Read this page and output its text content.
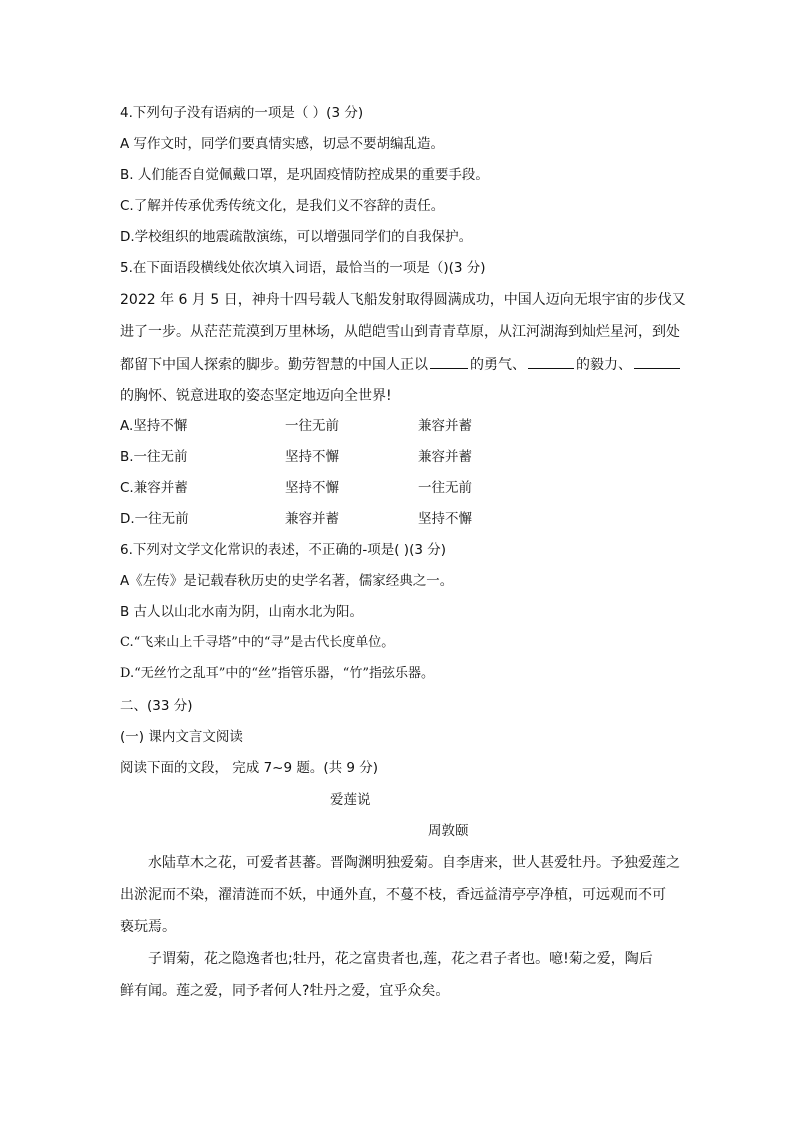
4.下列句子没有语病的一项是（ ）(3 分)
A 写作文时，同学们要真情实感，切忌不要胡编乱造。
B. 人们能否自觉佩戴口罩，是巩固疫情防控成果的重要手段。
C.了解并传承优秀传统文化，是我们义不容辞的责任。
D.学校组织的地震疏散演练，可以增强同学们的自我保护。
5.在下面语段横线处依次填入词语，最恰当的一项是（)(3 分)
2022 年 6 月 5 日，神舟十四号载人飞船发射取得圆满成功，中国人迈向无垠宇宙的步伐又
进了一步。从茫茫荒漠到万里林场，从皑皑雪山到青青草原，从江河湖海到灿烂星河，到处
都留下中国人探索的脚步。勤劳智慧的中国人正以	的勇气、	的毅力、
的胸怀、锐意进取的姿态坚定地迈向全世界!
A.坚持不懈	一往无前	兼容并蓄
B.一往无前	坚持不懈	兼容并蓄
C.兼容并蓄	坚持不懈	一往无前
D.一往无前	兼容并蓄	坚持不懈
6.下列对文学文化常识的表述，不正确的-项是( )(3 分)
A《左传》是记载春秋历史的史学名著，儒家经典之一。
B 古人以山北水南为阴，山南水北为阳。
C.“飞来山上千寻塔”中的“寻”是古代长度单位。
D.“无丝竹之乱耳”中的“丝”指管乐器，“竹”指弦乐器。
二、(33 分)
(一) 课内文言文阅读
阅读下面的文段， 完成 7~9 题。(共 9 分)
爱莲说
周敦颐
水陆草木之花，可爱者甚蕃。晋陶渊明独爱菊。自李唐来，世人甚爱牡丹。予独爱莲之
出淤泥而不染，濯清涟而不妖，中通外直，不蔓不枝，香远益清亭亭净植，可远观而不可
亵玩焉。
子谓菊，花之隐逸者也;牡丹，花之富贵者也,莲，花之君子者也。噫!菊之爱，陶后
鲜有闻。莲之爱，同予者何人?牡丹之爱，宜乎众矣。
